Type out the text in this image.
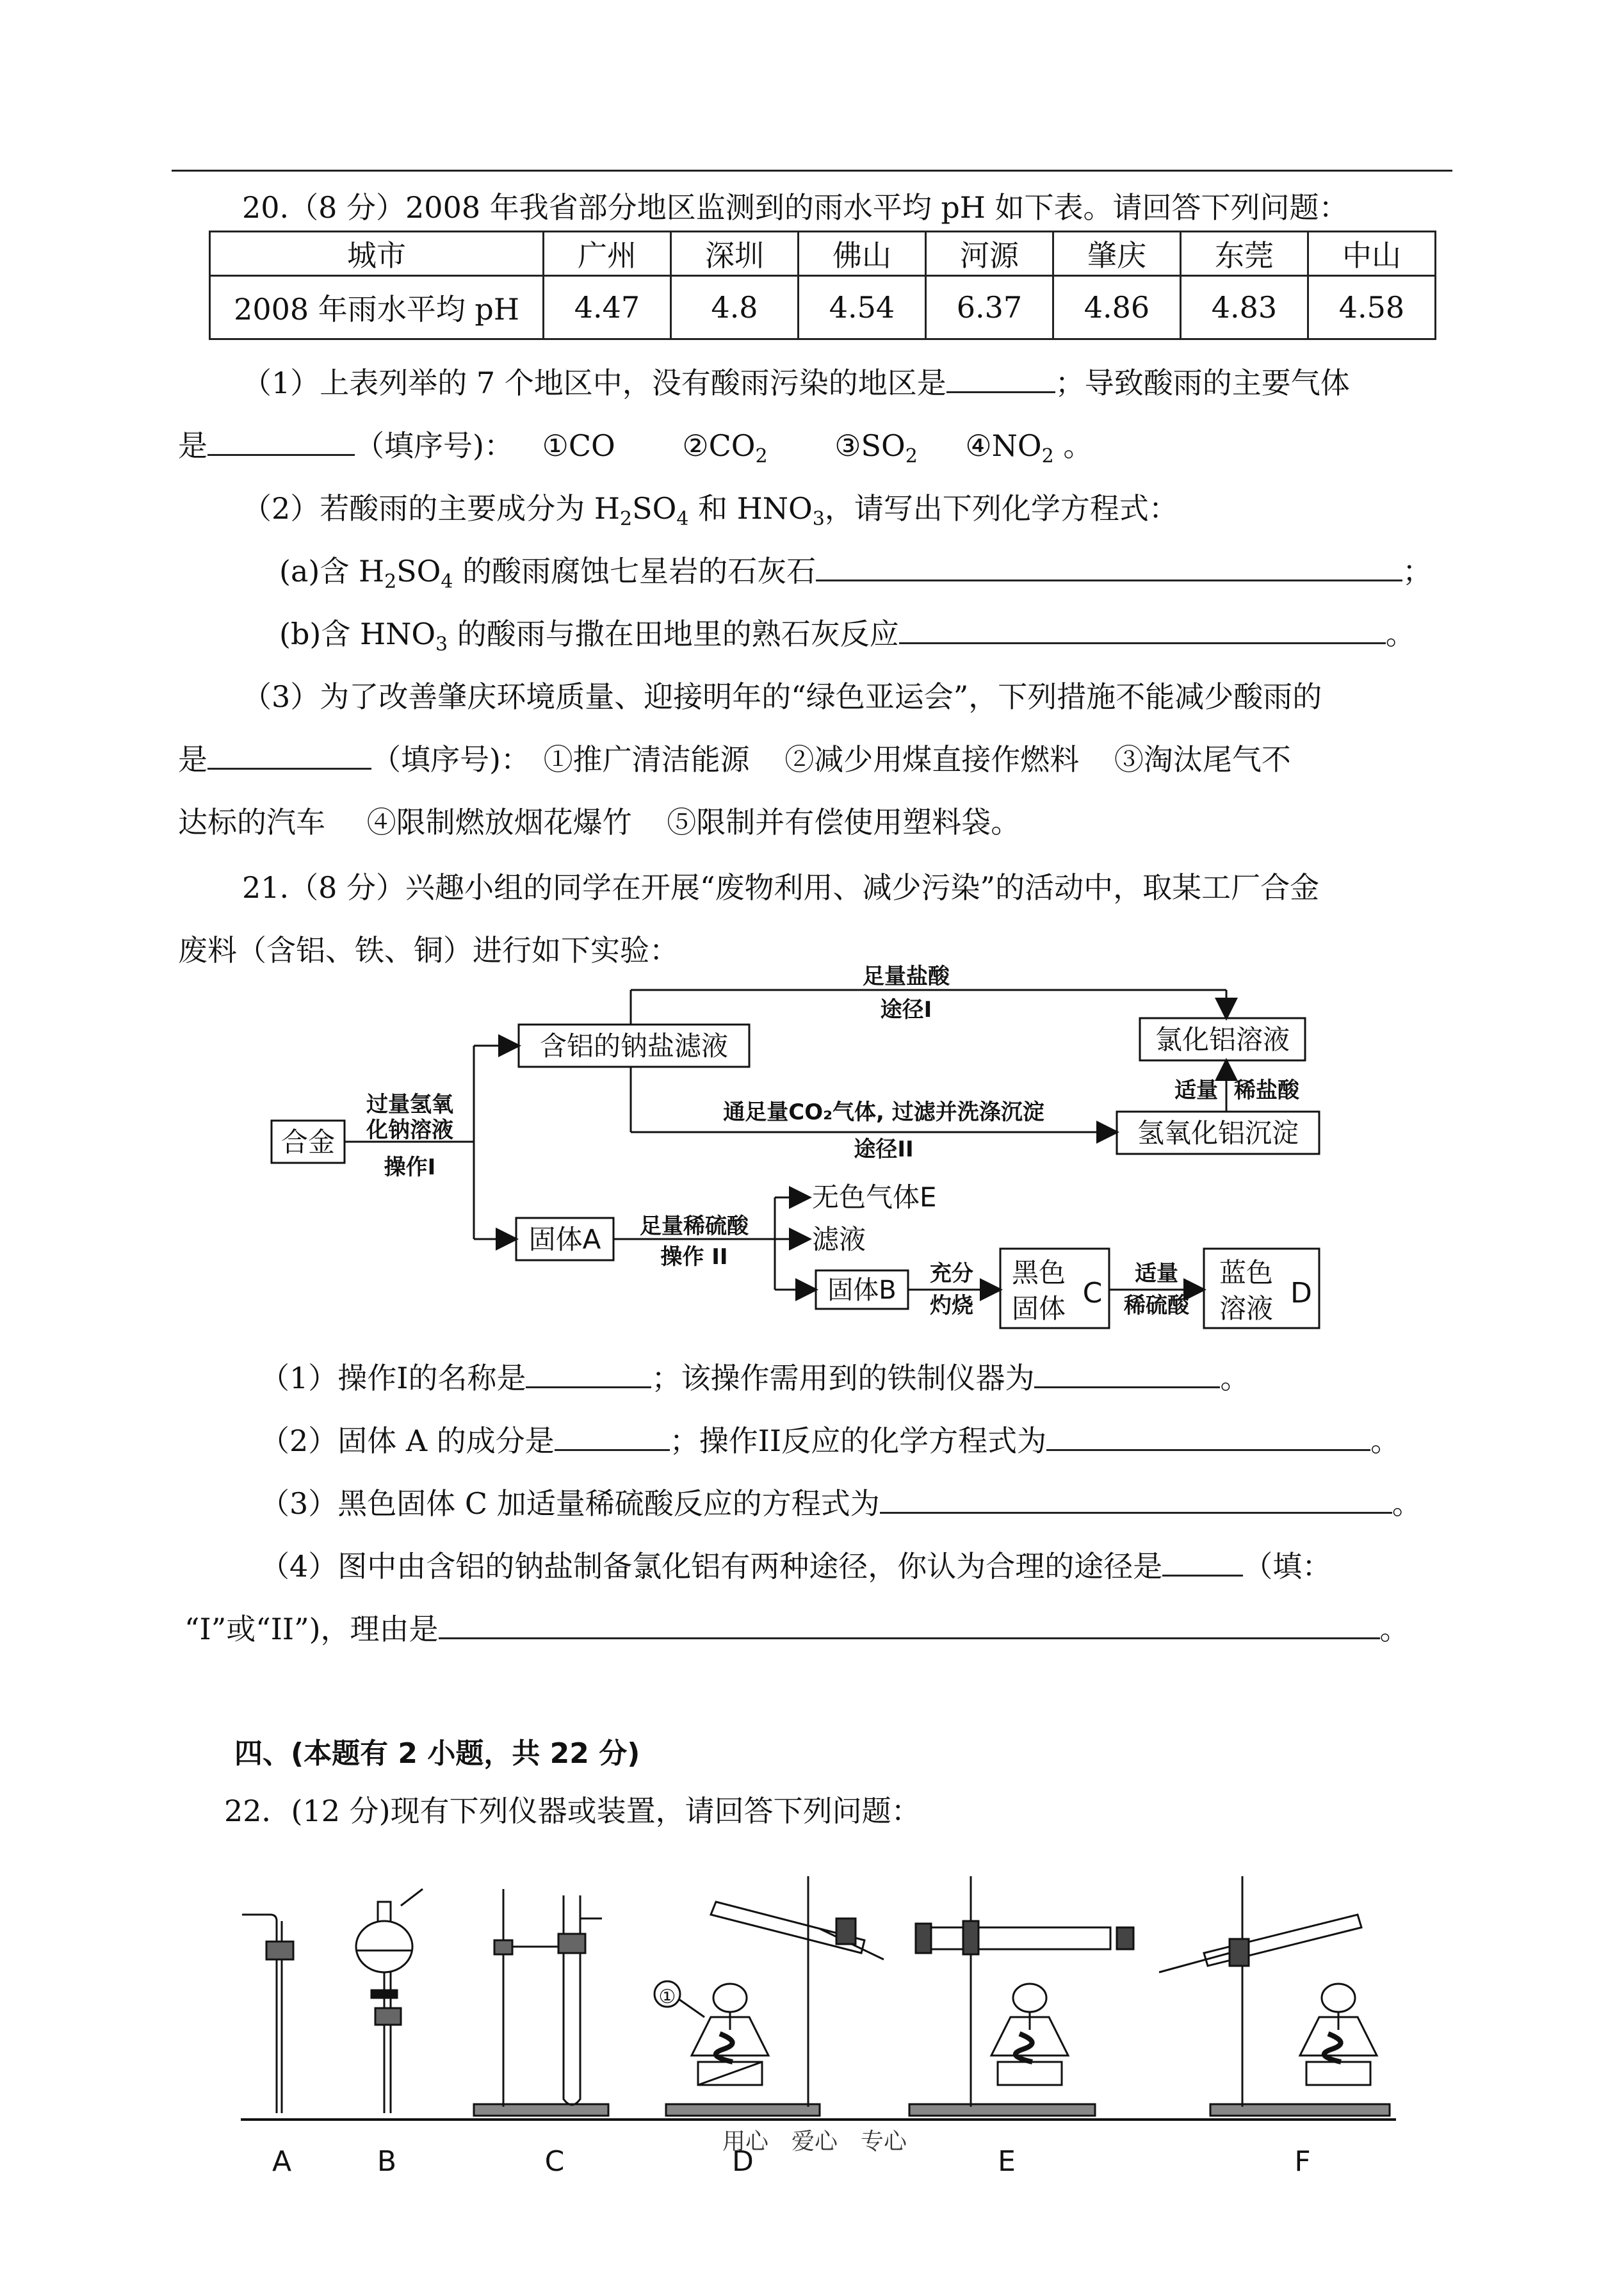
20.（8 分）2008 年我省部分地区监测到的雨水平均 pH 如下表。请回答下列问题：
城市	广州	深圳	佛山	河源	肇庆	东莞	中山
2008 年雨水平均 pH	4.47	4.8	4.54	6.37	4.86	4.83	4.58
（1）上表列举的 7 个地区中，没有酸雨污染的地区是	；导致酸雨的主要气体
是	（填序号)： ①CO $②CO_2$ $③SO_2$ $④NO_2$ 。
（2）若酸雨的主要成分为 $H_2SO_4$ 和 $HNO_3$，请写出下列化学方程式：
(a)含 $H_2SO_4$ 的酸雨腐蚀七星岩的石灰石	；
(b)含 $HNO_3$ 的酸雨与撒在田地里的熟石灰反应	。
（3）为了改善肇庆环境质量、迎接明年的“绿色亚运会”，下列措施不能减少酸雨的
是	（填序号)： ①推广清洁能源 ②减少用煤直接作燃料 ③淘汰尾气不
达标的汽车 ④限制燃放烟花爆竹 ⑤限制并有偿使用塑料袋。
21.（8 分）兴趣小组的同学在开展“废物利用、减少污染”的活动中，取某工厂合金
废料（含铝、铁、铜）进行如下实验：
合金
过量氢氧
化钠溶液
操作I
含铝的钠盐滤液
足量盐酸
途径I
氯化铝溶液
通足量CO₂气体, 过滤并洗涤沉淀
途径II
氢氧化铝沉淀
适量 稀盐酸
固体A 足量稀硫酸
操作 II
无色气体E
滤液
固体B
充分
灼烧
黑色
固体 C
适量
稀硫酸
蓝色
溶液 D
（1）操作I的名称是	；该操作需用到的铁制仪器为	。
（2）固体 A 的成分是	；操作II反应的化学方程式为	。
（3）黑色固体 C 加适量稀硫酸反应的方程式为	。
（4）图中由含铝的钠盐制备氯化铝有两种途径，你认为合理的途径是	（填：
“I”或“II”)，理由是	。
四、(本题有 2 小题，共 22 分)
22．(12 分)现有下列仪器或装置，请回答下列问题：
①
A	B	C	D	E	F
用心　爱心　专心
